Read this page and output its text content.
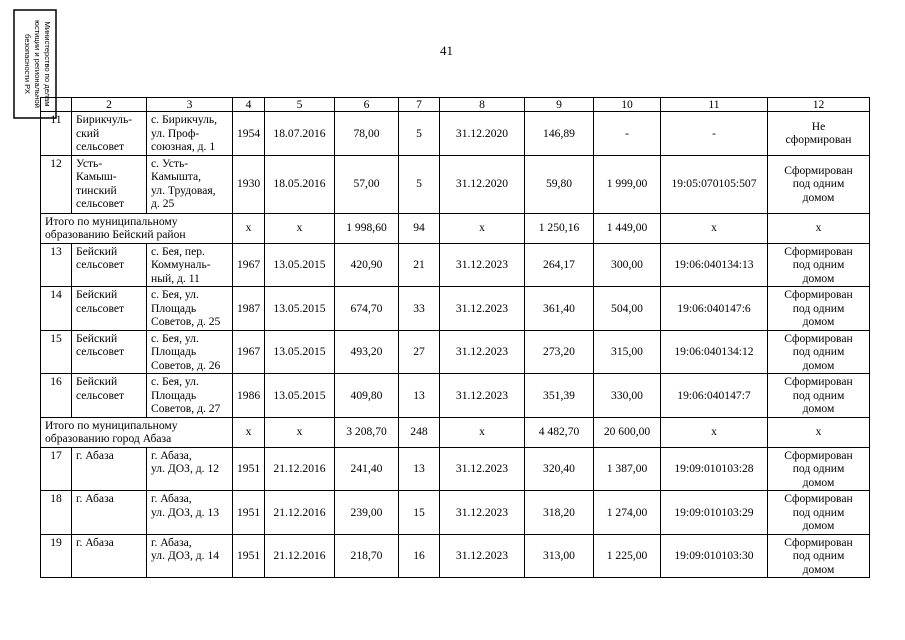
Министерство по делам
юстиции и региональной
безопасности РХ	41
	2	3	4	5	6	7	8	9	10	11	12
11	Бирикчуль-
ский
сельсовет	с. Бирикчуль,
ул. Проф-
союзная, д. 1	1954	18.07.2016	78,00	5	31.12.2020	146,89	-	-	Не
сформирован
12	Усть-
Камыш-
тинский
сельсовет	с. Усть-
Камышта,
ул. Трудовая,
д. 25	1930	18.05.2016	57,00	5	31.12.2020	59,80	1 999,00	19:05:070105:507	Сформирован
под одним
домом
Итого по муниципальному
образованию Бейский район			x	x	1 998,60	94	x	1 250,16	1 449,00	x	x
13	Бейский
сельсовет	с. Бея, пер.
Коммуналь-
ный, д. 11	1967	13.05.2015	420,90	21	31.12.2023	264,17	300,00	19:06:040134:13	Сформирован
под одним
домом
14	Бейский
сельсовет	с. Бея, ул.
Площадь
Советов, д. 25	1987	13.05.2015	674,70	33	31.12.2023	361,40	504,00	19:06:040147:6	Сформирован
под одним
домом
15	Бейский
сельсовет	с. Бея, ул.
Площадь
Советов, д. 26	1967	13.05.2015	493,20	27	31.12.2023	273,20	315,00	19:06:040134:12	Сформирован
под одним
домом
16	Бейский
сельсовет	с. Бея, ул.
Площадь
Советов, д. 27	1986	13.05.2015	409,80	13	31.12.2023	351,39	330,00	19:06:040147:7	Сформирован
под одним
домом
Итого по муниципальному
образованию город Абаза			x	x	3 208,70	248	x	4 482,70	20 600,00	x	x
17	г. Абаза	г. Абаза,
ул. ДОЗ, д. 12	1951	21.12.2016	241,40	13	31.12.2023	320,40	1 387,00	19:09:010103:28	Сформирован
под одним
домом
18	г. Абаза	г. Абаза,
ул. ДОЗ, д. 13	1951	21.12.2016	239,00	15	31.12.2023	318,20	1 274,00	19:09:010103:29	Сформирован
под одним
домом
19	г. Абаза	г. Абаза,
ул. ДОЗ, д. 14	1951	21.12.2016	218,70	16	31.12.2023	313,00	1 225,00	19:09:010103:30	Сформирован
под одним
домом
